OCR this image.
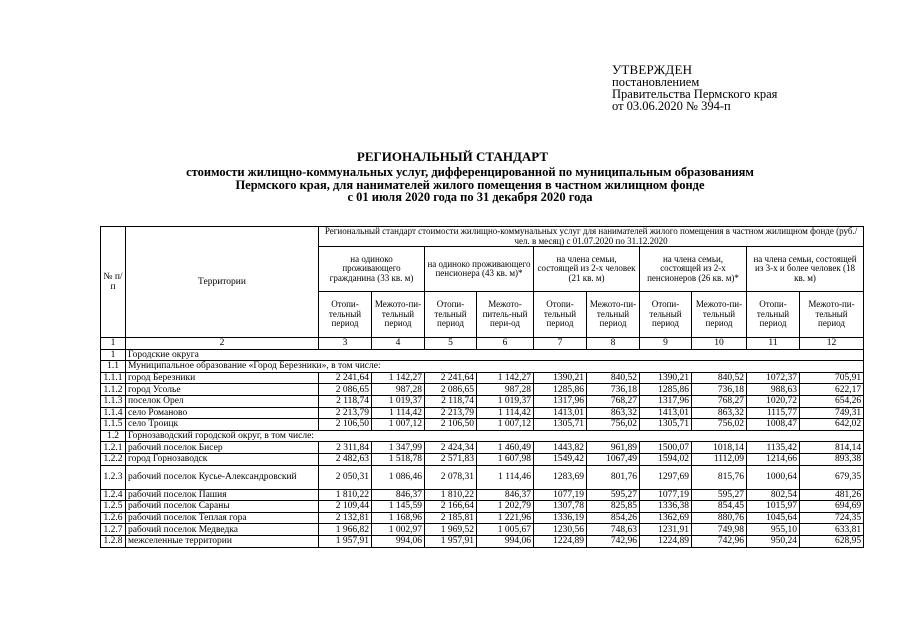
УТВЕРЖДЕН
постановлением
Правительства Пермского края
от 03.06.2020 № 394-п
РЕГИОНАЛЬНЫЙ СТАНДАРТ
стоимости жилищно-коммунальных услуг, дифференцированной по муниципальным образованиям
Пермского края, для нанимателей жилого помещения в частном жилищном фонде
с 01 июля 2020 года по 31 декабря 2020 года
№ п/п	Территории	Региональный стандарт стоимости жилищно-коммунальных услуг для нанимателей жилого помещения в частном жилищном фонде (руб./чел. в месяц) с 01.07.2020 по 31.12.2020									
		на одиноко проживающего гражданина (33 кв. м)		на одиноко проживающего пенсионера (43 кв. м)*		на члена семьи, состоящей из 2-х человек (21 кв. м)		на члена семьи, состоящей из 2-х пенсионеров (26 кв. м)*		на члена семьи, состоящей из 3-х и более человек (18 кв. м)	
		Отопи-тельный период	Межото-пи-тельный период	Отопи-тельный период	Межото-питель-ный пери-од	Отопи-тельный период	Межото-пи-тельный период	Отопи-тельный период	Межото-пи-тельный период	Отопи-тельный период	Межото-пи-тельный период
1	2	3	4	5	6	7	8	9	10	11	12
1	Городские округа										
1.1	Муниципальное образование «Город Березники», в том числе:										
1.1.1	город Березники	2 241,64	1 142,27	2 241,64	1 142,27	1390,21	840,52	1390,21	840,52	1072,37	705,91
1.1.2	город Усолье	2 086,65	987,28	2 086,65	987,28	1285,86	736,18	1285,86	736,18	988,63	622,17
1.1.3	поселок Орел	2 118,74	1 019,37	2 118,74	1 019,37	1317,96	768,27	1317,96	768,27	1020,72	654,26
1.1.4	село Романово	2 213,79	1 114,42	2 213,79	1 114,42	1413,01	863,32	1413,01	863,32	1115,77	749,31
1.1.5	село Троицк	2 106,50	1 007,12	2 106,50	1 007,12	1305,71	756,02	1305,71	756,02	1008,47	642,02
1.2	Горнозаводский городской округ, в том числе:										
1.2.1	рабочий поселок Бисер	2 311,84	1 347,99	2 424,34	1 460,49	1443,82	961,89	1500,07	1018,14	1135,42	814,14
1.2.2	город Горнозаводск	2 482,63	1 518,78	2 571,83	1 607,98	1549,42	1067,49	1594,02	1112,09	1214,66	893,38
1.2.3	рабочий поселок Кусье-Александровский	2 050,31	1 086,46	2 078,31	1 114,46	1283,69	801,76	1297,69	815,76	1000,64	679,35
1.2.4	рабочий поселок Пашия	1 810,22	846,37	1 810,22	846,37	1077,19	595,27	1077,19	595,27	802,54	481,26
1.2.5	рабочий поселок Сараны	2 109,44	1 145,59	2 166,64	1 202,79	1307,78	825,85	1336,38	854,45	1015,97	694,69
1.2.6	рабочий поселок Теплая гора	2 132,81	1 168,96	2 185,81	1 221,96	1336,19	854,26	1362,69	880,76	1045,64	724,35
1.2.7	рабочий поселок Медведка	1 966,82	1 002,97	1 969,52	1 005,67	1230,56	748,63	1231,91	749,98	955,10	633,81
1.2.8	межселенные территории	1 957,91	994,06	1 957,91	994,06	1224,89	742,96	1224,89	742,96	950,24	628,95
